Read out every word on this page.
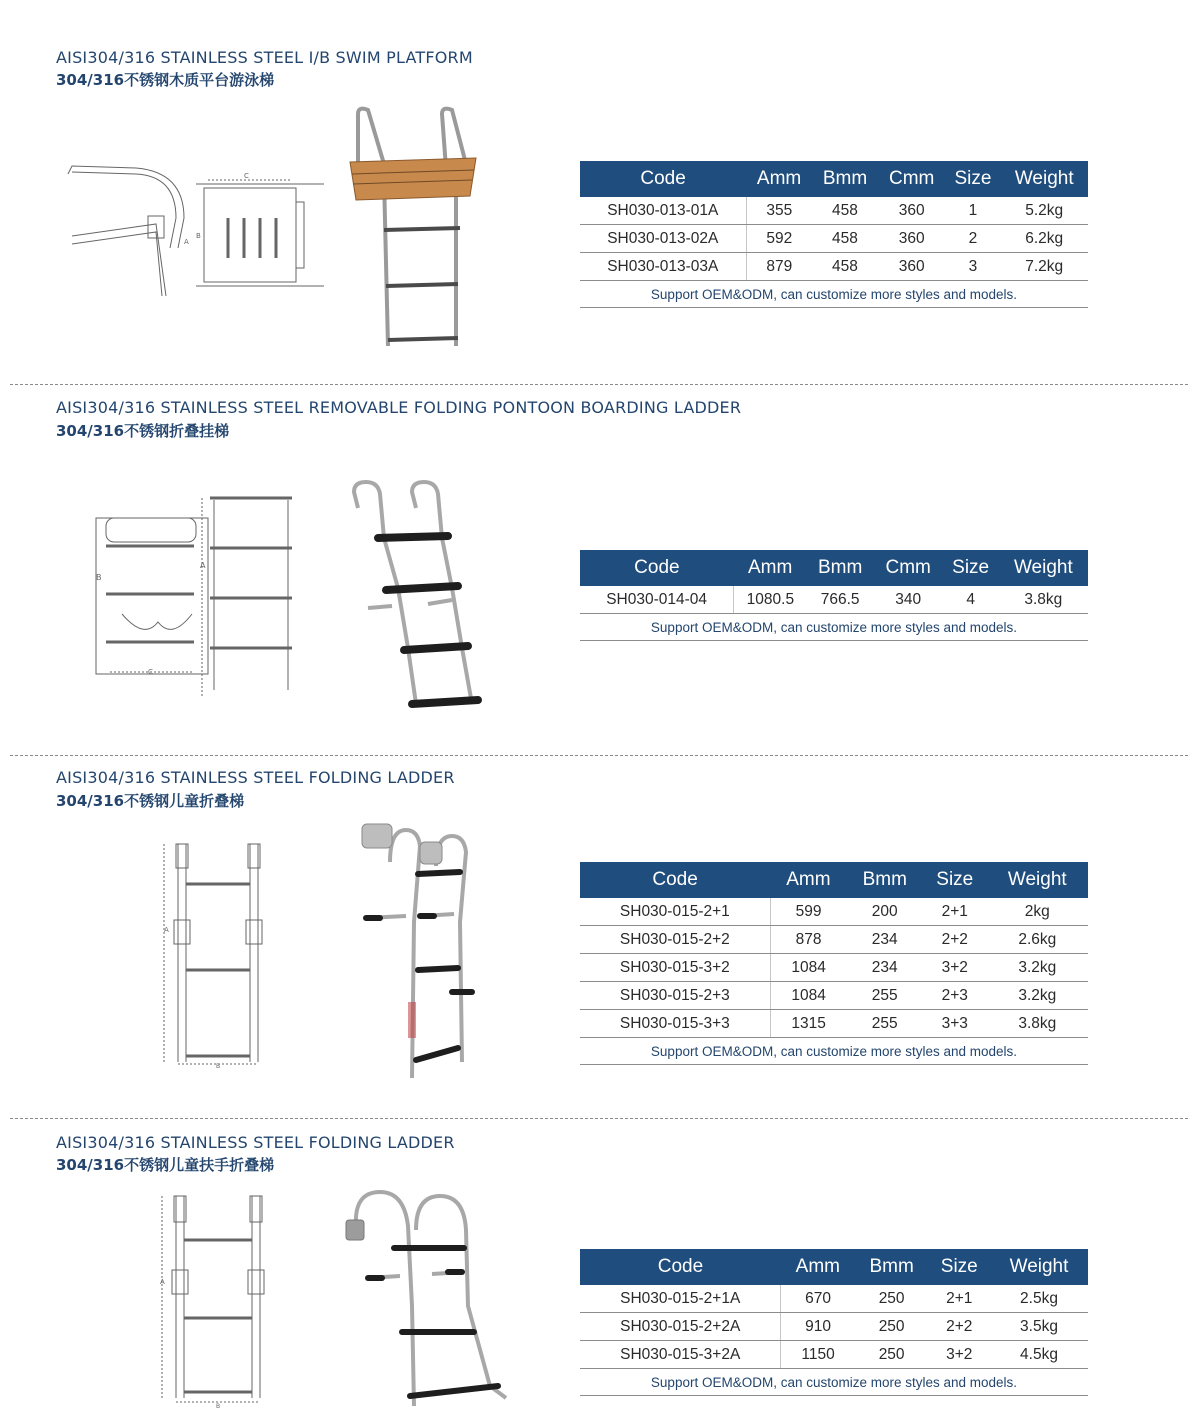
AISI304/316 STAINLESS STEEL I/B SWIM PLATFORM
304/316不锈钢木质平台游泳梯
C
A
B
Code	Amm	Bmm	Cmm	Size	Weight
SH030-013-01A	355	458	360	1	5.2kg
SH030-013-02A	592	458	360	2	6.2kg
SH030-013-03A	879	458	360	3	7.2kg
Support OEM&ODM, can customize more styles and models.					
AISI304/316 STAINLESS STEEL REMOVABLE FOLDING PONTOON BOARDING LADDER
304/316不锈钢折叠挂梯
B
A
C
Code	Amm	Bmm	Cmm	Size	Weight
SH030-014-04	1080.5	766.5	340	4	3.8kg
Support OEM&ODM, can customize more styles and models.					
AISI304/316 STAINLESS STEEL FOLDING LADDER
304/316不锈钢儿童折叠梯
A
B
Code	Amm	Bmm	Size	Weight
SH030-015-2+1	599	200	2+1	2kg
SH030-015-2+2	878	234	2+2	2.6kg
SH030-015-3+2	1084	234	3+2	3.2kg
SH030-015-2+3	1084	255	2+3	3.2kg
SH030-015-3+3	1315	255	3+3	3.8kg
Support OEM&ODM, can customize more styles and models.				
AISI304/316 STAINLESS STEEL FOLDING LADDER
304/316不锈钢儿童扶手折叠梯
A
B
Code	Amm	Bmm	Size	Weight
SH030-015-2+1A	670	250	2+1	2.5kg
SH030-015-2+2A	910	250	2+2	3.5kg
SH030-015-3+2A	1150	250	3+2	4.5kg
Support OEM&ODM, can customize more styles and models.				
